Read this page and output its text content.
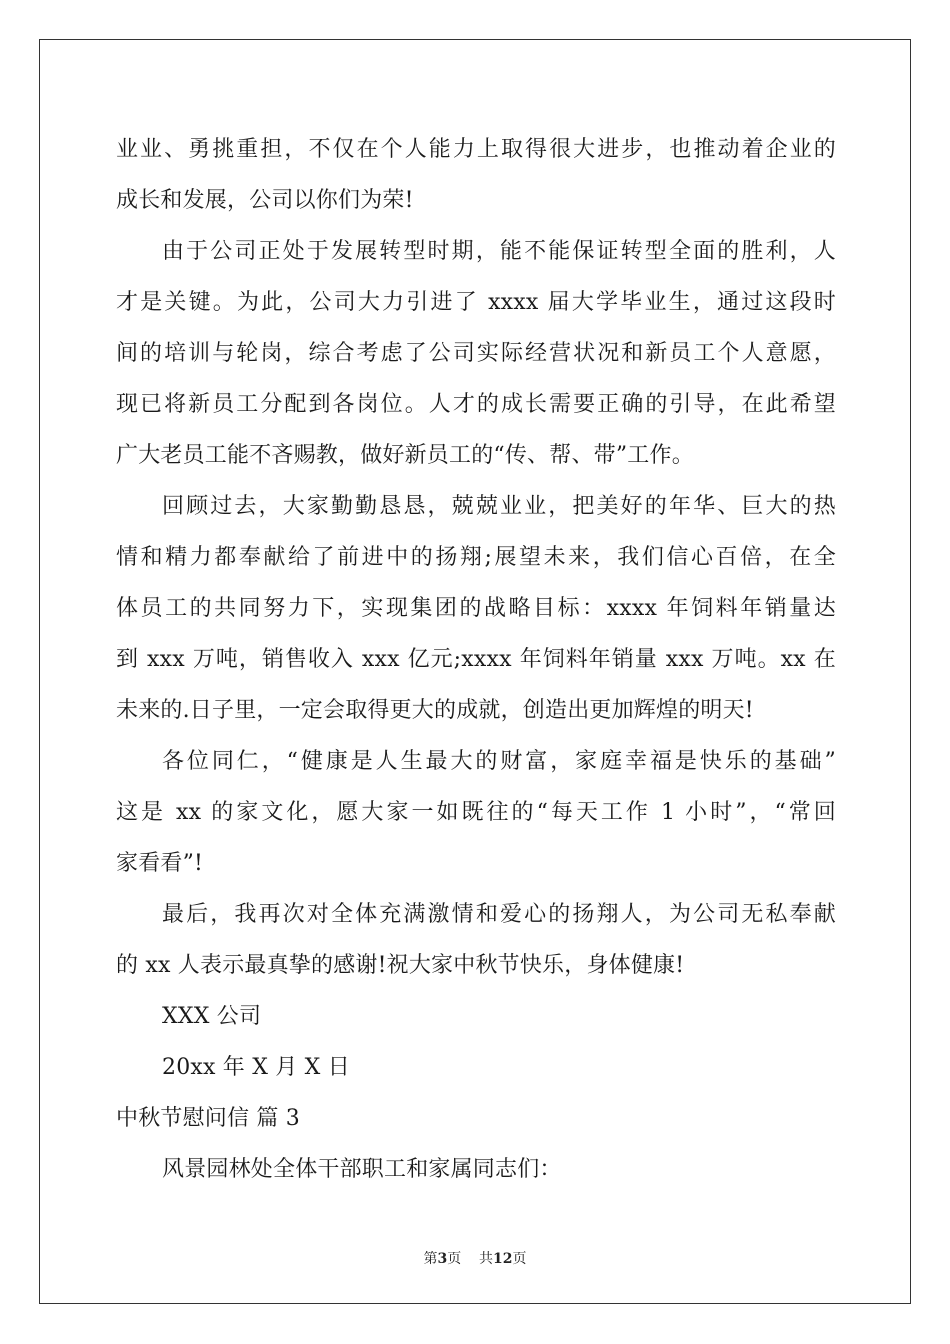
业业、勇挑重担，不仅在个人能力上取得很大进步，也推动着企业的
成长和发展，公司以你们为荣!
由于公司正处于发展转型时期，能不能保证转型全面的胜利，人
才是关键。为此，公司大力引进了 xxxx 届大学毕业生，通过这段时
间的培训与轮岗，综合考虑了公司实际经营状况和新员工个人意愿，
现已将新员工分配到各岗位。人才的成长需要正确的引导，在此希望
广大老员工能不吝赐教，做好新员工的“传、帮、带”工作。
回顾过去，大家勤勤恳恳，兢兢业业，把美好的年华、巨大的热
情和精力都奉献给了前进中的扬翔;展望未来，我们信心百倍，在全
体员工的共同努力下，实现集团的战略目标：xxxx 年饲料年销量达
到 xxx 万吨，销售收入 xxx 亿元;xxxx 年饲料年销量 xxx 万吨。xx 在
未来的.日子里，一定会取得更大的成就，创造出更加辉煌的明天!
各位同仁，“健康是人生最大的财富，家庭幸福是快乐的基础”
这是 xx 的家文化，愿大家一如既往的“每天工作 1 小时”，“常回
家看看”!
最后，我再次对全体充满激情和爱心的扬翔人，为公司无私奉献
的 xx 人表示最真挚的感谢!祝大家中秋节快乐，身体健康!
XXX 公司
20xx 年 X 月 X 日
中秋节慰问信 篇 3
风景园林处全体干部职工和家属同志们：
第3页    共12页
